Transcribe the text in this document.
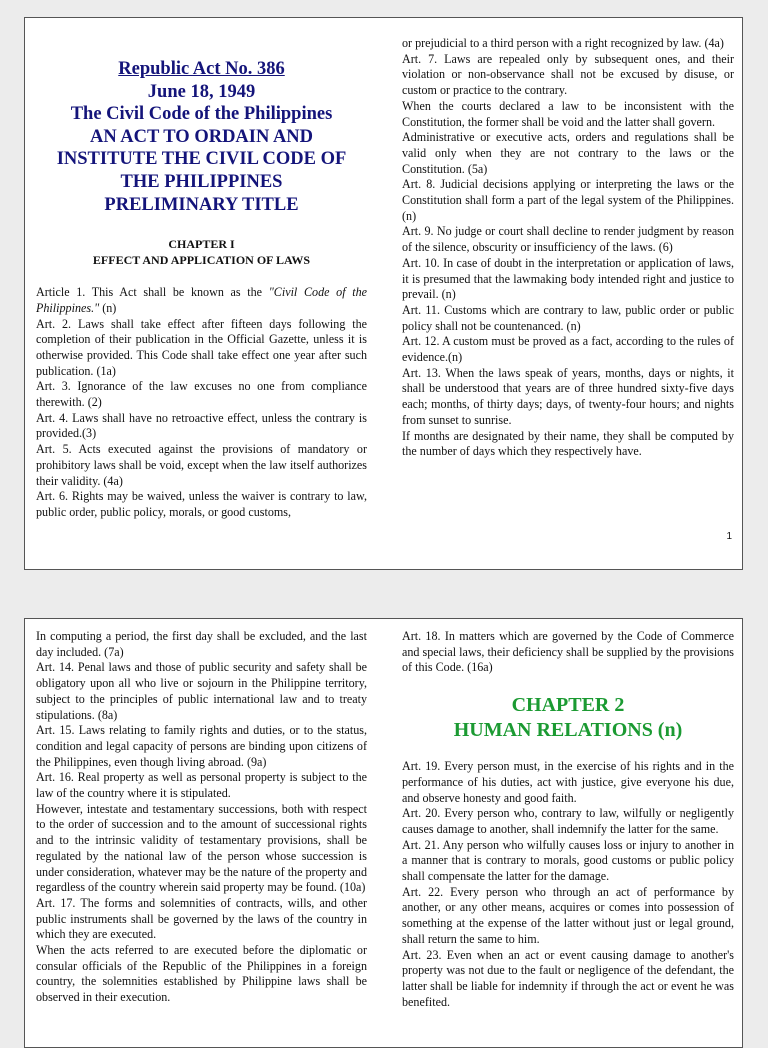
Republic Act No. 386
June 18, 1949
The Civil Code of the Philippines
AN ACT TO ORDAIN AND
INSTITUTE THE CIVIL CODE OF
THE PHILIPPINES
PRELIMINARY TITLE
CHAPTER I
EFFECT AND APPLICATION OF LAWS

Article 1. This Act shall be known as the "Civil Code of the Philippines." (n)

Art. 2. Laws shall take effect after fifteen days following the completion of their publication in the Official Gazette, unless it is otherwise provided. This Code shall take effect one year after such publication. (1a)

Art. 3. Ignorance of the law excuses no one from compliance therewith. (2)

Art. 4. Laws shall have no retroactive effect, unless the contrary is provided.(3)

Art. 5. Acts executed against the provisions of mandatory or prohibitory laws shall be void, except when the law itself authorizes their validity. (4a)

Art. 6. Rights may be waived, unless the waiver is contrary to law, public order, public policy, morals, or good customs,

or prejudicial to a third person with a right recognized by law. (4a)

Art. 7. Laws are repealed only by subsequent ones, and their violation or non-observance shall not be excused by disuse, or custom or practice to the contrary.

When the courts declared a law to be inconsistent with the Constitution, the former shall be void and the latter shall govern.

Administrative or executive acts, orders and regulations shall be valid only when they are not contrary to the laws or the Constitution. (5a)

Art. 8. Judicial decisions applying or interpreting the laws or the Constitution shall form a part of the legal system of the Philippines. (n)

Art. 9. No judge or court shall decline to render judgment by reason of the silence, obscurity or insufficiency of the laws. (6)

Art. 10. In case of doubt in the interpretation or application of laws, it is presumed that the lawmaking body intended right and justice to prevail. (n)

Art. 11. Customs which are contrary to law, public order or public policy shall not be countenanced. (n)

Art. 12. A custom must be proved as a fact, according to the rules of evidence.(n)

Art. 13. When the laws speak of years, months, days or nights, it shall be understood that years are of three hundred sixty-five days each; months, of thirty days; days, of twenty-four hours; and nights from sunset to sunrise.

If months are designated by their name, they shall be computed by the number of days which they respectively have.

1

In computing a period, the first day shall be excluded, and the last day included. (7a)

Art. 14. Penal laws and those of public security and safety shall be obligatory upon all who live or sojourn in the Philippine territory, subject to the principles of public international law and to treaty stipulations. (8a)

Art. 15. Laws relating to family rights and duties, or to the status, condition and legal capacity of persons are binding upon citizens of the Philippines, even though living abroad. (9a)

Art. 16. Real property as well as personal property is subject to the law of the country where it is stipulated.

However, intestate and testamentary successions, both with respect to the order of succession and to the amount of successional rights and to the intrinsic validity of testamentary provisions, shall be regulated by the national law of the person whose succession is under consideration, whatever may be the nature of the property and regardless of the country wherein said property may be found. (10a)

Art. 17. The forms and solemnities of contracts, wills, and other public instruments shall be governed by the laws of the country in which they are executed.

When the acts referred to are executed before the diplomatic or consular officials of the Republic of the Philippines in a foreign country, the solemnities established by Philippine laws shall be observed in their execution.

Art. 18. In matters which are governed by the Code of Commerce and special laws, their deficiency shall be supplied by the provisions of this Code. (16a)

CHAPTER 2
HUMAN RELATIONS (n)

Art. 19. Every person must, in the exercise of his rights and in the performance of his duties, act with justice, give everyone his due, and observe honesty and good faith.

Art. 20. Every person who, contrary to law, wilfully or negligently causes damage to another, shall indemnify the latter for the same.

Art. 21. Any person who wilfully causes loss or injury to another in a manner that is contrary to morals, good customs or public policy shall compensate the latter for the damage.

Art. 22. Every person who through an act of performance by another, or any other means, acquires or comes into possession of something at the expense of the latter without just or legal ground, shall return the same to him.

Art. 23. Even when an act or event causing damage to another's property was not due to the fault or negligence of the defendant, the latter shall be liable for indemnity if through the act or event he was benefited.
